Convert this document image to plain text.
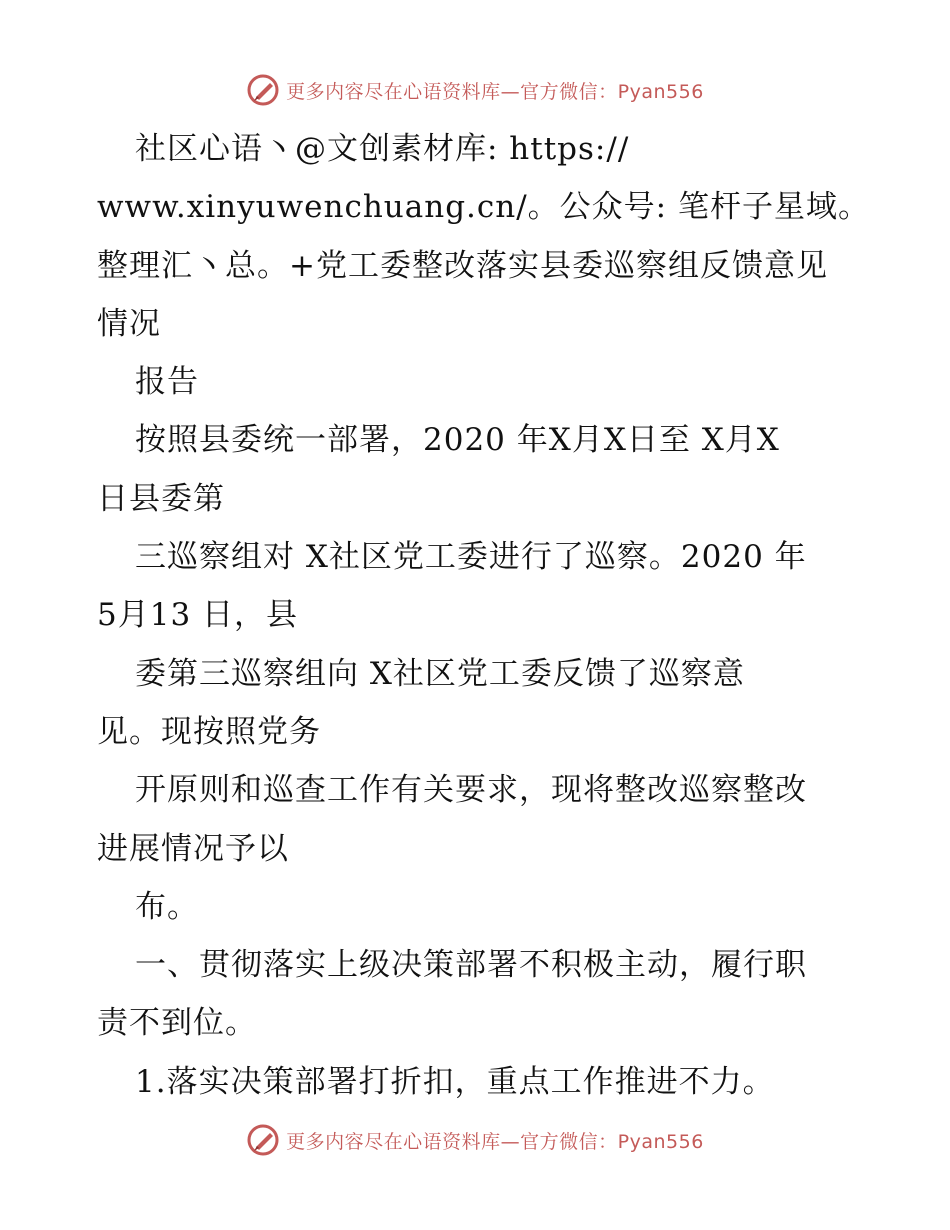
更多内容尽在心语资料库—官方微信：Pyan556
社区心语丶@文创素材库: https://
www.xinyuwenchuang.cn/。公众号: 笔杆子星域。
整理汇丶总。+党工委整改落实县委巡察组反馈意见
情况
报告
按照县委统一部署，2020 年X月X日至 X月X
日县委第
三巡察组对 X社区党工委进行了巡察。2020 年
5月13 日，县
委第三巡察组向 X社区党工委反馈了巡察意
见。现按照党务
开原则和巡查工作有关要求，现将整改巡察整改
进展情况予以
布。
一、贯彻落实上级决策部署不积极主动，履行职
责不到位。
1.落实决策部署打折扣，重点工作推进不力。
更多内容尽在心语资料库—官方微信：Pyan556
